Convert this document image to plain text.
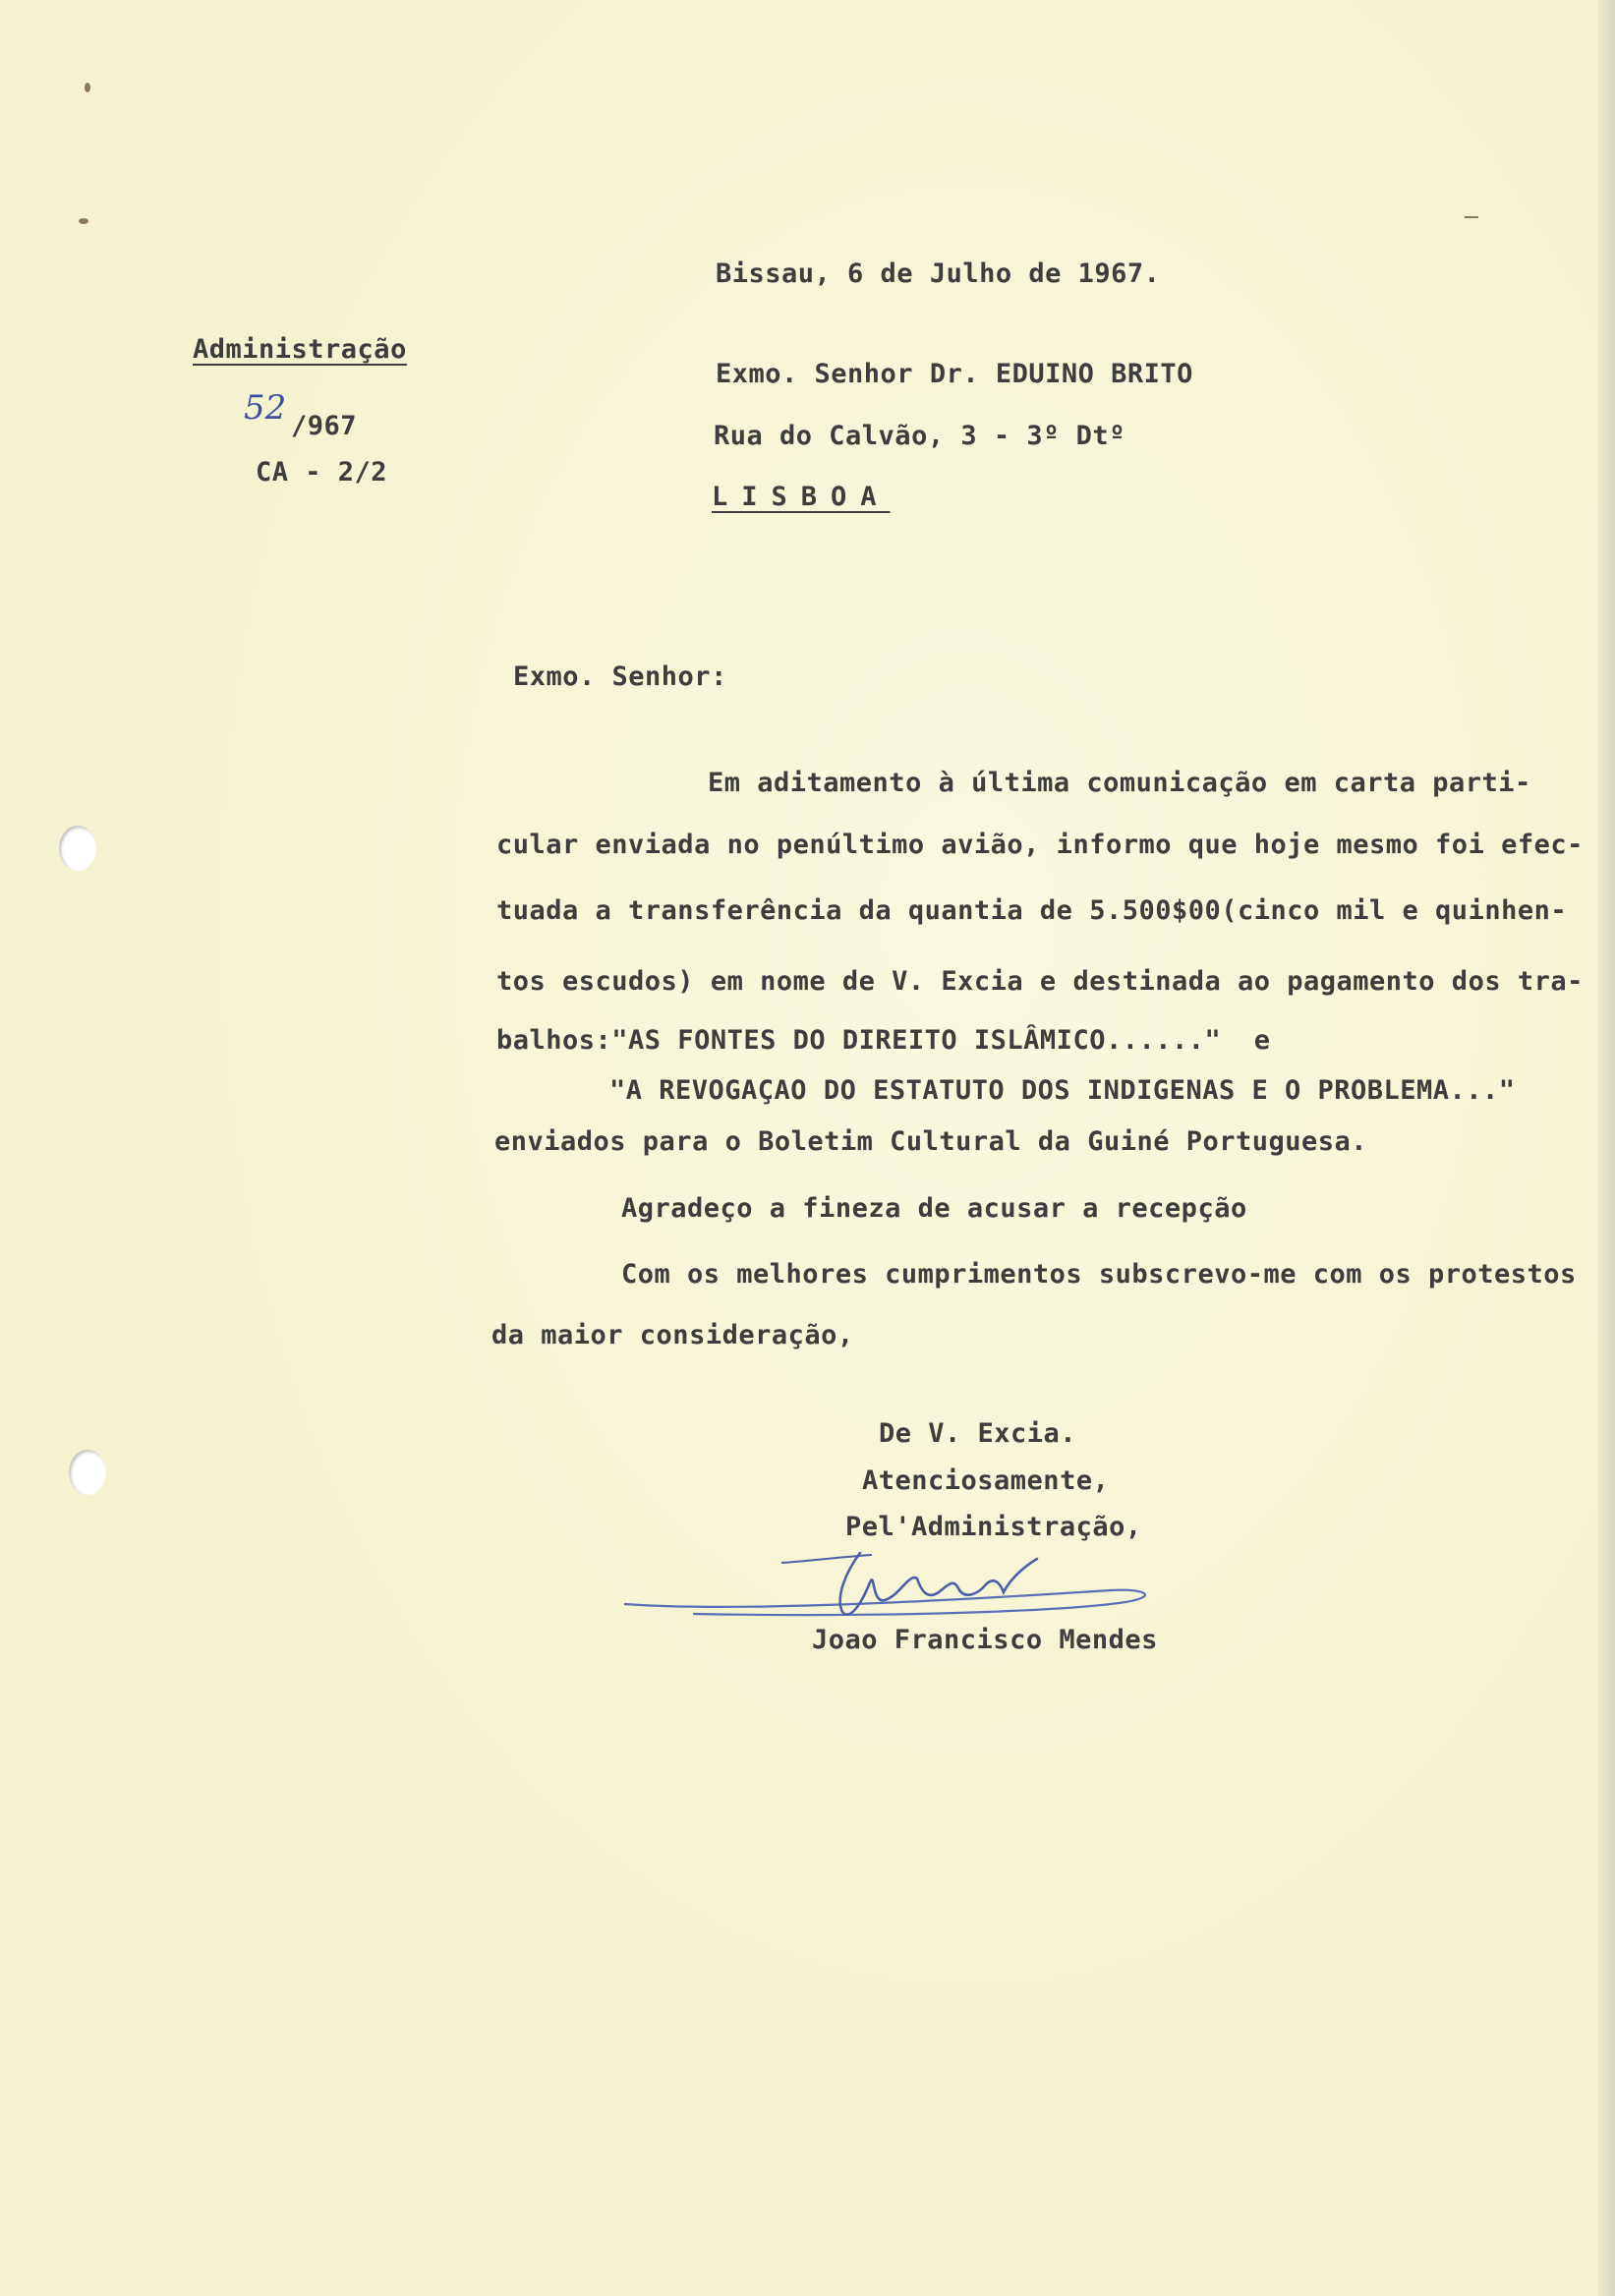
Bissau, 6 de Julho de 1967.
Administração
52 /967
CA - 2/2
Exmo. Senhor Dr. EDUINO BRITO
Rua do Calvão, 3 - 3º Dtº
LISBOA
Exmo. Senhor:
Em aditamento à última comunicação em carta parti-
cular enviada no penúltimo avião, informo que hoje mesmo foi efec-
tuada a transferência da quantia de 5.500$00(cinco mil e quinhen-
tos escudos) em nome de V. Excia e destinada ao pagamento dos tra-
balhos:"AS FONTES DO DIREITO ISLÂMICO......"  e
"A REVOGAÇAO DO ESTATUTO DOS INDIGENAS E O PROBLEMA..."
enviados para o Boletim Cultural da Guiné Portuguesa.
Agradeço a fineza de acusar a recepção
Com os melhores cumprimentos subscrevo-me com os protestos
da maior consideração,
De V. Excia.
Atenciosamente,
Pel'Administração,
Joao Francisco Mendes
